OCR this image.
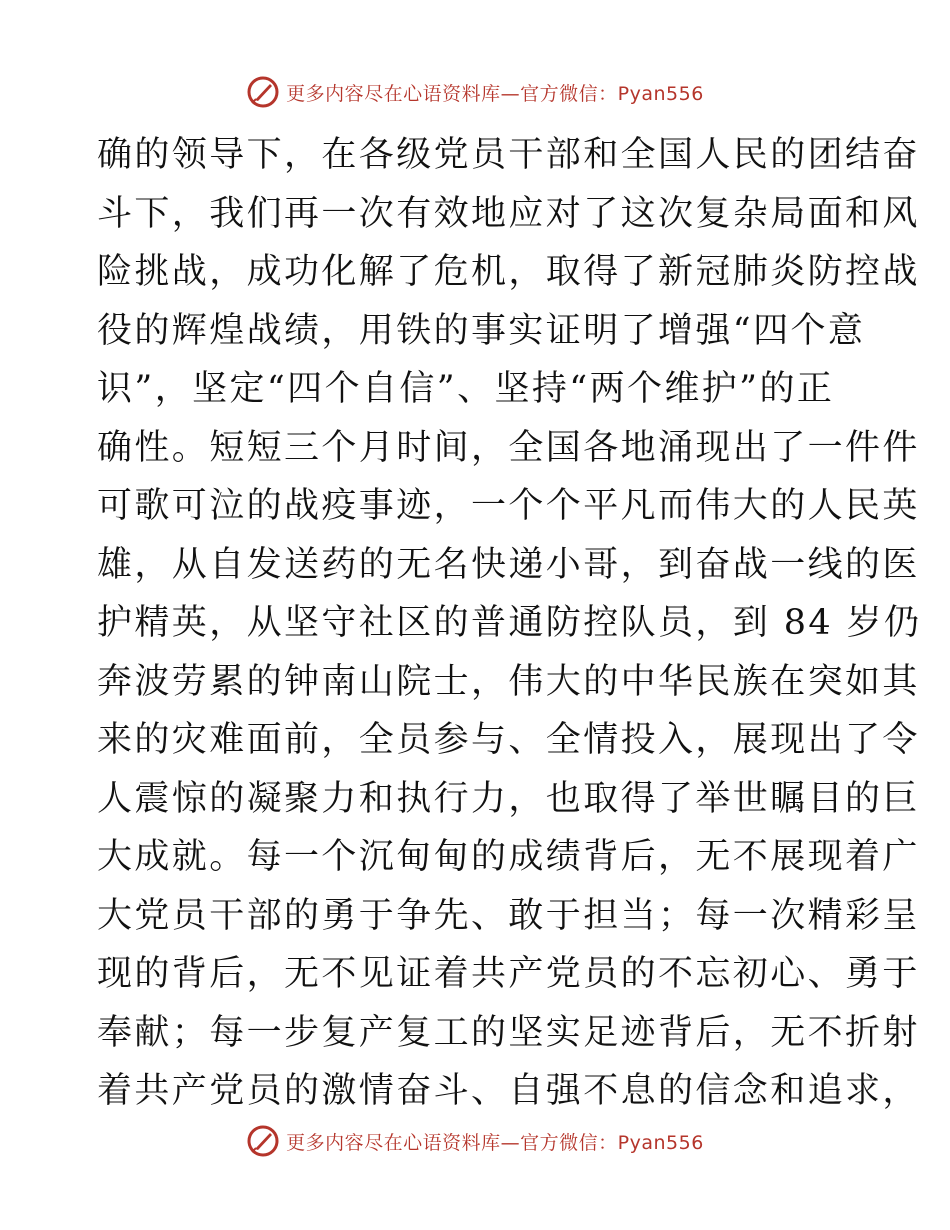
更多内容尽在心语资料库—官方微信：Pyan556
确的领导下，在各级党员干部和全国人民的团结奋
斗下，我们再一次有效地应对了这次复杂局面和风
险挑战，成功化解了危机，取得了新冠肺炎防控战
役的辉煌战绩，用铁的事实证明了增强“四个意
识”，坚定“四个自信”、坚持“两个维护”的正
确性。短短三个月时间，全国各地涌现出了一件件
可歌可泣的战疫事迹，一个个平凡而伟大的人民英
雄，从自发送药的无名快递小哥，到奋战一线的医
护精英，从坚守社区的普通防控队员，到 84 岁仍
奔波劳累的钟南山院士，伟大的中华民族在突如其
来的灾难面前，全员参与、全情投入，展现出了令
人震惊的凝聚力和执行力，也取得了举世瞩目的巨
大成就。每一个沉甸甸的成绩背后，无不展现着广
大党员干部的勇于争先、敢于担当；每一次精彩呈
现的背后，无不见证着共产党员的不忘初心、勇于
奉献；每一步复产复工的坚实足迹背后，无不折射
着共产党员的激情奋斗、自强不息的信念和追求，
更多内容尽在心语资料库—官方微信：Pyan556
